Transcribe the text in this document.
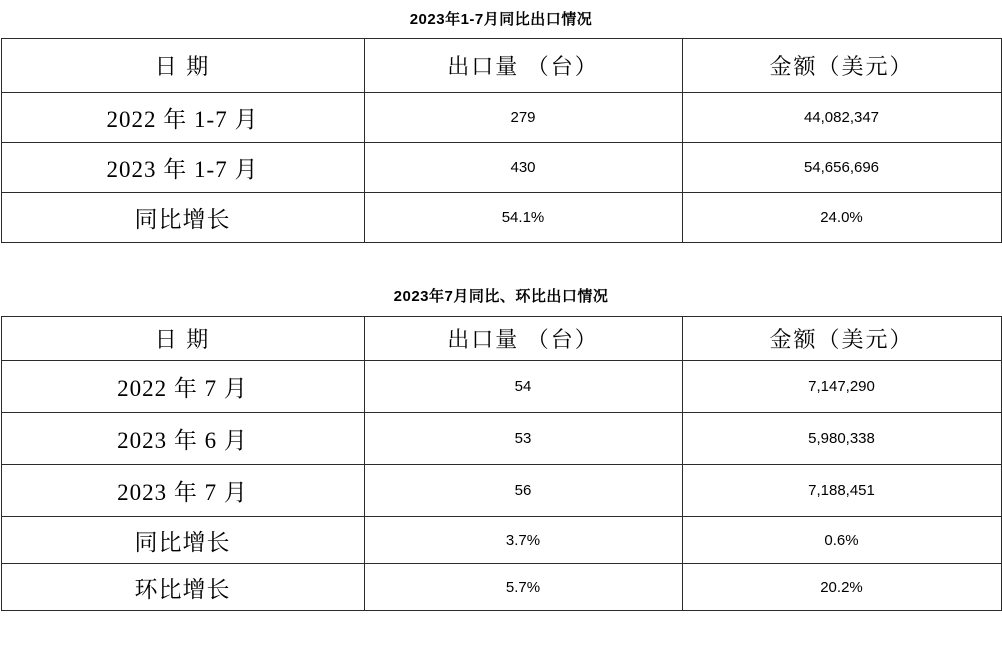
2023年1-7月同比出口情况
日 期	出口量 （台）	金额（美元）
2022 年 1-7 月	279	44,082,347
2023 年 1-7 月	430	54,656,696
同比增长	54.1%	24.0%
2023年7月同比、环比出口情况
日 期	出口量 （台）	金额（美元）
2022 年 7 月	54	7,147,290
2023 年 6 月	53	5,980,338
2023 年 7 月	56	7,188,451
同比增长	3.7%	0.6%
环比增长	5.7%	20.2%
